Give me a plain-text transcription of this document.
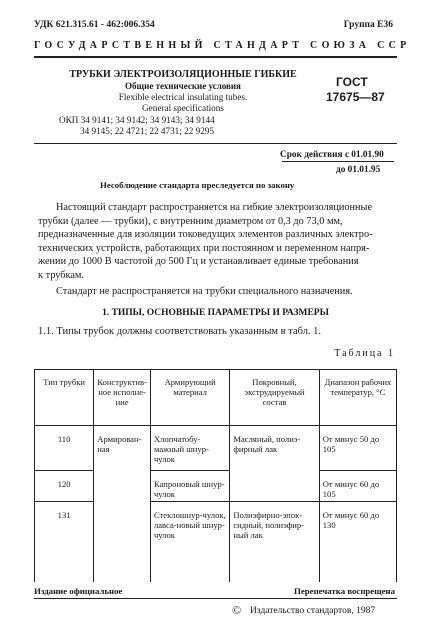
УДК 621.315.61 - 462:006.354	Группа Е36
ГОСУДАРСТВЕННЫЙ СТАНДАРТ СОЮЗА ССР
ТРУБКИ ЭЛЕКТРОИЗОЛЯЦИОННЫЕ ГИБКИЕ
Общие технические условия
Flexible electrical insulating tubes.
General specifications
ОКП 34 9141; 34 9142; 34 9143; 34 9144
34 9145; 22 4721; 22 4731; 22 9295
ГОСТ
17675—87
Срок действия с 01.01.90
до 01.01.95
Несоблюдение стандарта преследуется по закону
Настоящий стандарт распространяется на гибкие электроизоляционные
трубки (далее — трубки), с внутренним диаметром от 0,3 до 73,0 мм,
предназначенные для изоляции токоведущих элементов различных электро-
технических устройств, работающих при постоянном и переменном напря-
жении до 1000 В частотой до 500 Гц и устанавливает единые требования
к трубкам.
Стандарт не распространяется на трубки специального назначения.
1. ТИПЫ, ОСНОВНЫЕ ПАРАМЕТРЫ И РАЗМЕРЫ
1.1. Типы трубок должны соответствовать указанным в табл. 1.
Таблица 1
Тип трубки	Конструктив-ное исполне-ние	Армирующий материал	Покровный, экструдируемый состав	Диапазон рабочих температур, °С
110	Армирован-ная	Хлопчатобу-мажный шнур-чулок	Масляный, полиэ-фирный лак	От минус 50 до 105
120		Капроновый шнур-чулок		От минус 60 до 105
131		Стеклошнур-чулок, лавса-новый шнур-чулок	Полиэфирно-эпок-сидный, полиэфир-ный лак	От минус 60 до 130
Издание официальное	Перепечатка воспрещена
© Издательство стандартов, 1987
